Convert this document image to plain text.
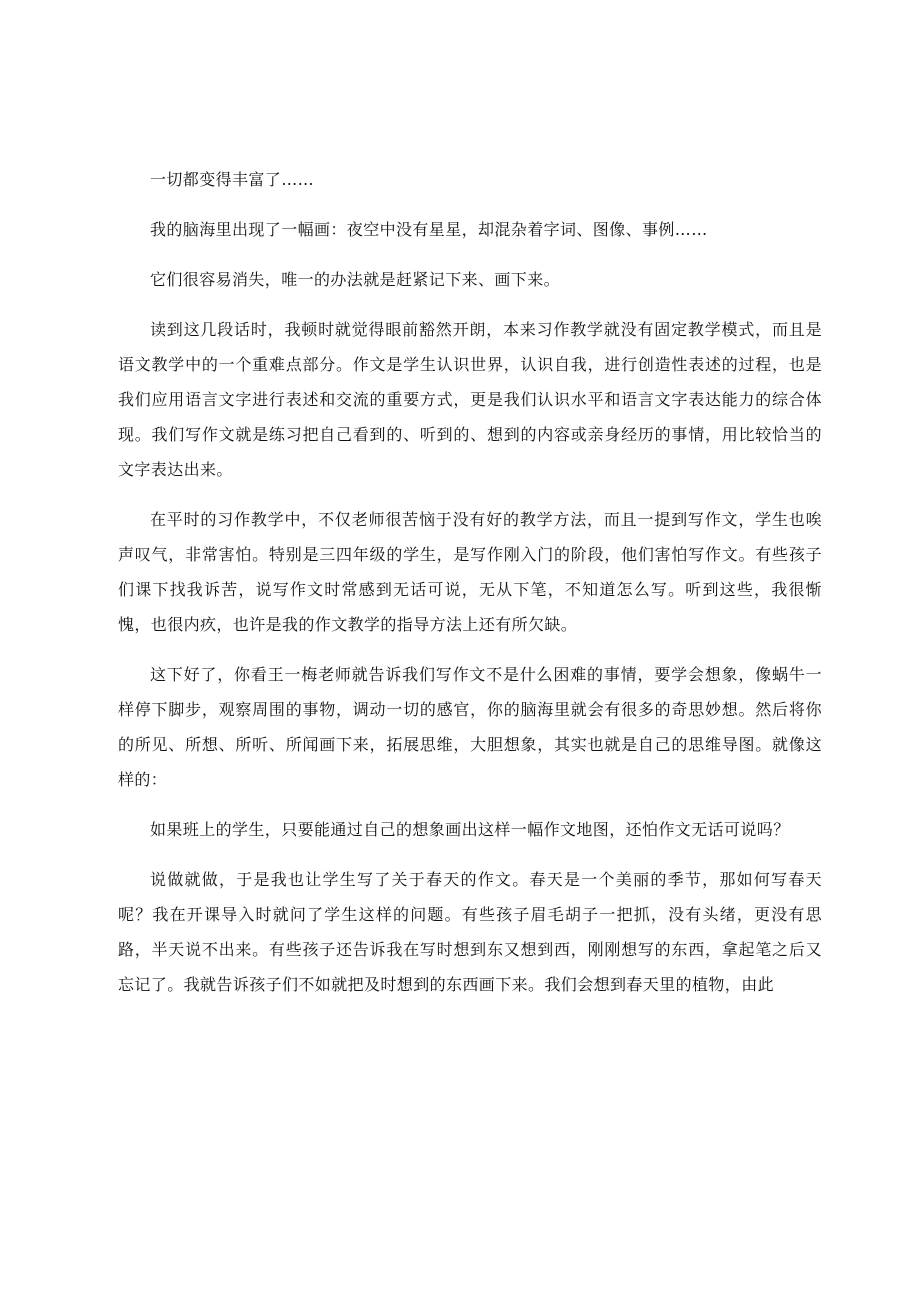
一切都变得丰富了……

我的脑海里出现了一幅画：夜空中没有星星，却混杂着字词、图像、事例……

它们很容易消失，唯一的办法就是赶紧记下来、画下来。

读到这几段话时，我顿时就觉得眼前豁然开朗，本来习作教学就没有固定教学模式，而且是语文教学中的一个重难点部分。作文是学生认识世界，认识自我，进行创造性表述的过程，也是我们应用语言文字进行表述和交流的重要方式，更是我们认识水平和语言文字表达能力的综合体现。我们写作文就是练习把自己看到的、听到的、想到的内容或亲身经历的事情，用比较恰当的文字表达出来。

在平时的习作教学中，不仅老师很苦恼于没有好的教学方法，而且一提到写作文，学生也唉声叹气，非常害怕。特别是三四年级的学生，是写作刚入门的阶段，他们害怕写作文。有些孩子们课下找我诉苦，说写作文时常感到无话可说，无从下笔，不知道怎么写。听到这些，我很惭愧，也很内疚，也许是我的作文教学的指导方法上还有所欠缺。

这下好了，你看王一梅老师就告诉我们写作文不是什么困难的事情，要学会想象，像蜗牛一样停下脚步，观察周围的事物，调动一切的感官，你的脑海里就会有很多的奇思妙想。然后将你的所见、所想、所听、所闻画下来，拓展思维，大胆想象，其实也就是自己的思维导图。就像这样的：

如果班上的学生，只要能通过自己的想象画出这样一幅作文地图，还怕作文无话可说吗？

说做就做，于是我也让学生写了关于春天的作文。春天是一个美丽的季节，那如何写春天呢？我在开课导入时就问了学生这样的问题。有些孩子眉毛胡子一把抓，没有头绪，更没有思路，半天说不出来。有些孩子还告诉我在写时想到东又想到西，刚刚想写的东西，拿起笔之后又忘记了。我就告诉孩子们不如就把及时想到的东西画下来。我们会想到春天里的植物，由此
